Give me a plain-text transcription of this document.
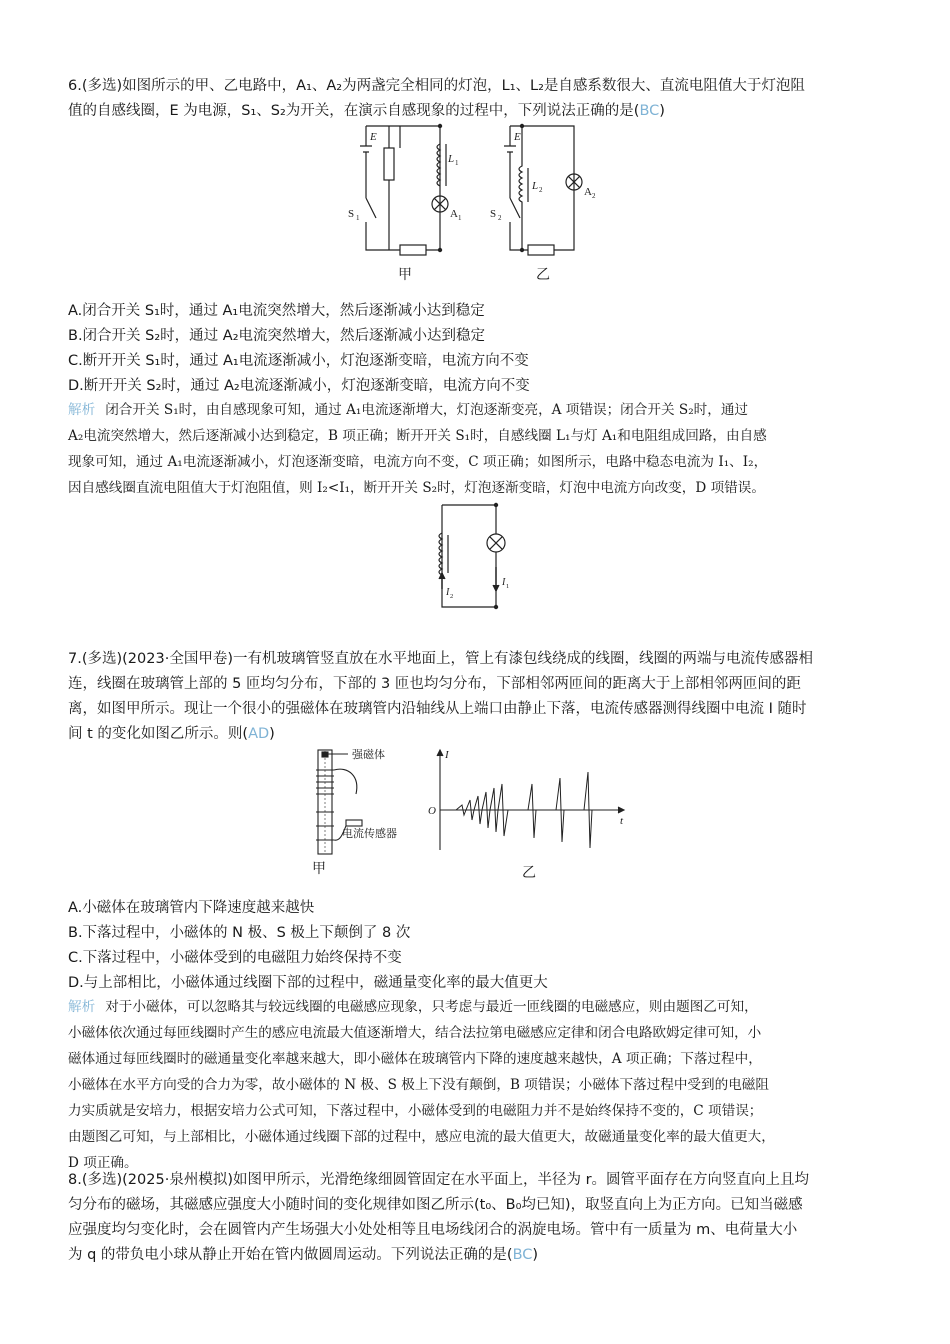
6.(多选)如图所示的甲、乙电路中，A₁、A₂为两盏完全相同的灯泡，L₁、L₂是自感系数很大、直流电阻值大于灯泡阻
值的自感线圈，E 为电源，S₁、S₂为开关，在演示自感现象的过程中，下列说法正确的是(BC)
E
L 1
A 1
S 1
甲
E
L 2	A 2
S 2
乙
A.闭合开关 S₁时，通过 A₁电流突然增大，然后逐渐减小达到稳定
B.闭合开关 S₂时，通过 A₂电流突然增大，然后逐渐减小达到稳定
C.断开开关 S₁时，通过 A₁电流逐渐减小，灯泡逐渐变暗，电流方向不变
D.断开开关 S₂时，通过 A₂电流逐渐减小，灯泡逐渐变暗，电流方向不变
解析 闭合开关 S₁时，由自感现象可知，通过 A₁电流逐渐增大，灯泡逐渐变亮，A 项错误；闭合开关 S₂时，通过
A₂电流突然增大，然后逐渐减小达到稳定，B 项正确；断开开关 S₁时，自感线圈 L₁与灯 A₁和电阻组成回路，由自感
现象可知，通过 A₁电流逐渐减小，灯泡逐渐变暗，电流方向不变，C 项正确；如图所示，电路中稳态电流为 I₁、I₂，
因自感线圈直流电阻值大于灯泡阻值，则 I₂<I₁，断开开关 S₂时，灯泡逐渐变暗，灯泡中电流方向改变，D 项错误。
I 2
I 1
7.(多选)(2023·全国甲卷)一有机玻璃管竖直放在水平地面上，管上有漆包线绕成的线圈，线圈的两端与电流传感器相
连，线圈在玻璃管上部的 5 匝均匀分布，下部的 3 匝也均匀分布，下部相邻两匝间的距离大于上部相邻两匝间的距
离，如图甲所示。现让一个很小的强磁体在玻璃管内沿轴线从上端口由静止下落，电流传感器测得线圈中电流 I 随时
间 t 的变化如图乙所示。则(AD)
强磁体
电流传感器
甲
I
t
O
乙
A.小磁体在玻璃管内下降速度越来越快
B.下落过程中，小磁体的 N 极、S 极上下颠倒了 8 次
C.下落过程中，小磁体受到的电磁阻力始终保持不变
D.与上部相比，小磁体通过线圈下部的过程中，磁通量变化率的最大值更大
解析 对于小磁体，可以忽略其与较远线圈的电磁感应现象，只考虑与最近一匝线圈的电磁感应，则由题图乙可知，
小磁体依次通过每匝线圈时产生的感应电流最大值逐渐增大，结合法拉第电磁感应定律和闭合电路欧姆定律可知，小
磁体通过每匝线圈时的磁通量变化率越来越大，即小磁体在玻璃管内下降的速度越来越快，A 项正确；下落过程中，
小磁体在水平方向受的合力为零，故小磁体的 N 极、S 极上下没有颠倒，B 项错误；小磁体下落过程中受到的电磁阻
力实质就是安培力，根据安培力公式可知，下落过程中，小磁体受到的电磁阻力并不是始终保持不变的，C 项错误；
由题图乙可知，与上部相比，小磁体通过线圈下部的过程中，感应电流的最大值更大，故磁通量变化率的最大值更大，
D 项正确。
8.(多选)(2025·泉州模拟)如图甲所示，光滑绝缘细圆管固定在水平面上，半径为 r。圆管平面存在方向竖直向上且均
匀分布的磁场，其磁感应强度大小随时间的变化规律如图乙所示(t₀、B₀均已知)，取竖直向上为正方向。已知当磁感
应强度均匀变化时，会在圆管内产生场强大小处处相等且电场线闭合的涡旋电场。管中有一质量为 m、电荷量大小
为 q 的带负电小球从静止开始在管内做圆周运动。下列说法正确的是(BC)
